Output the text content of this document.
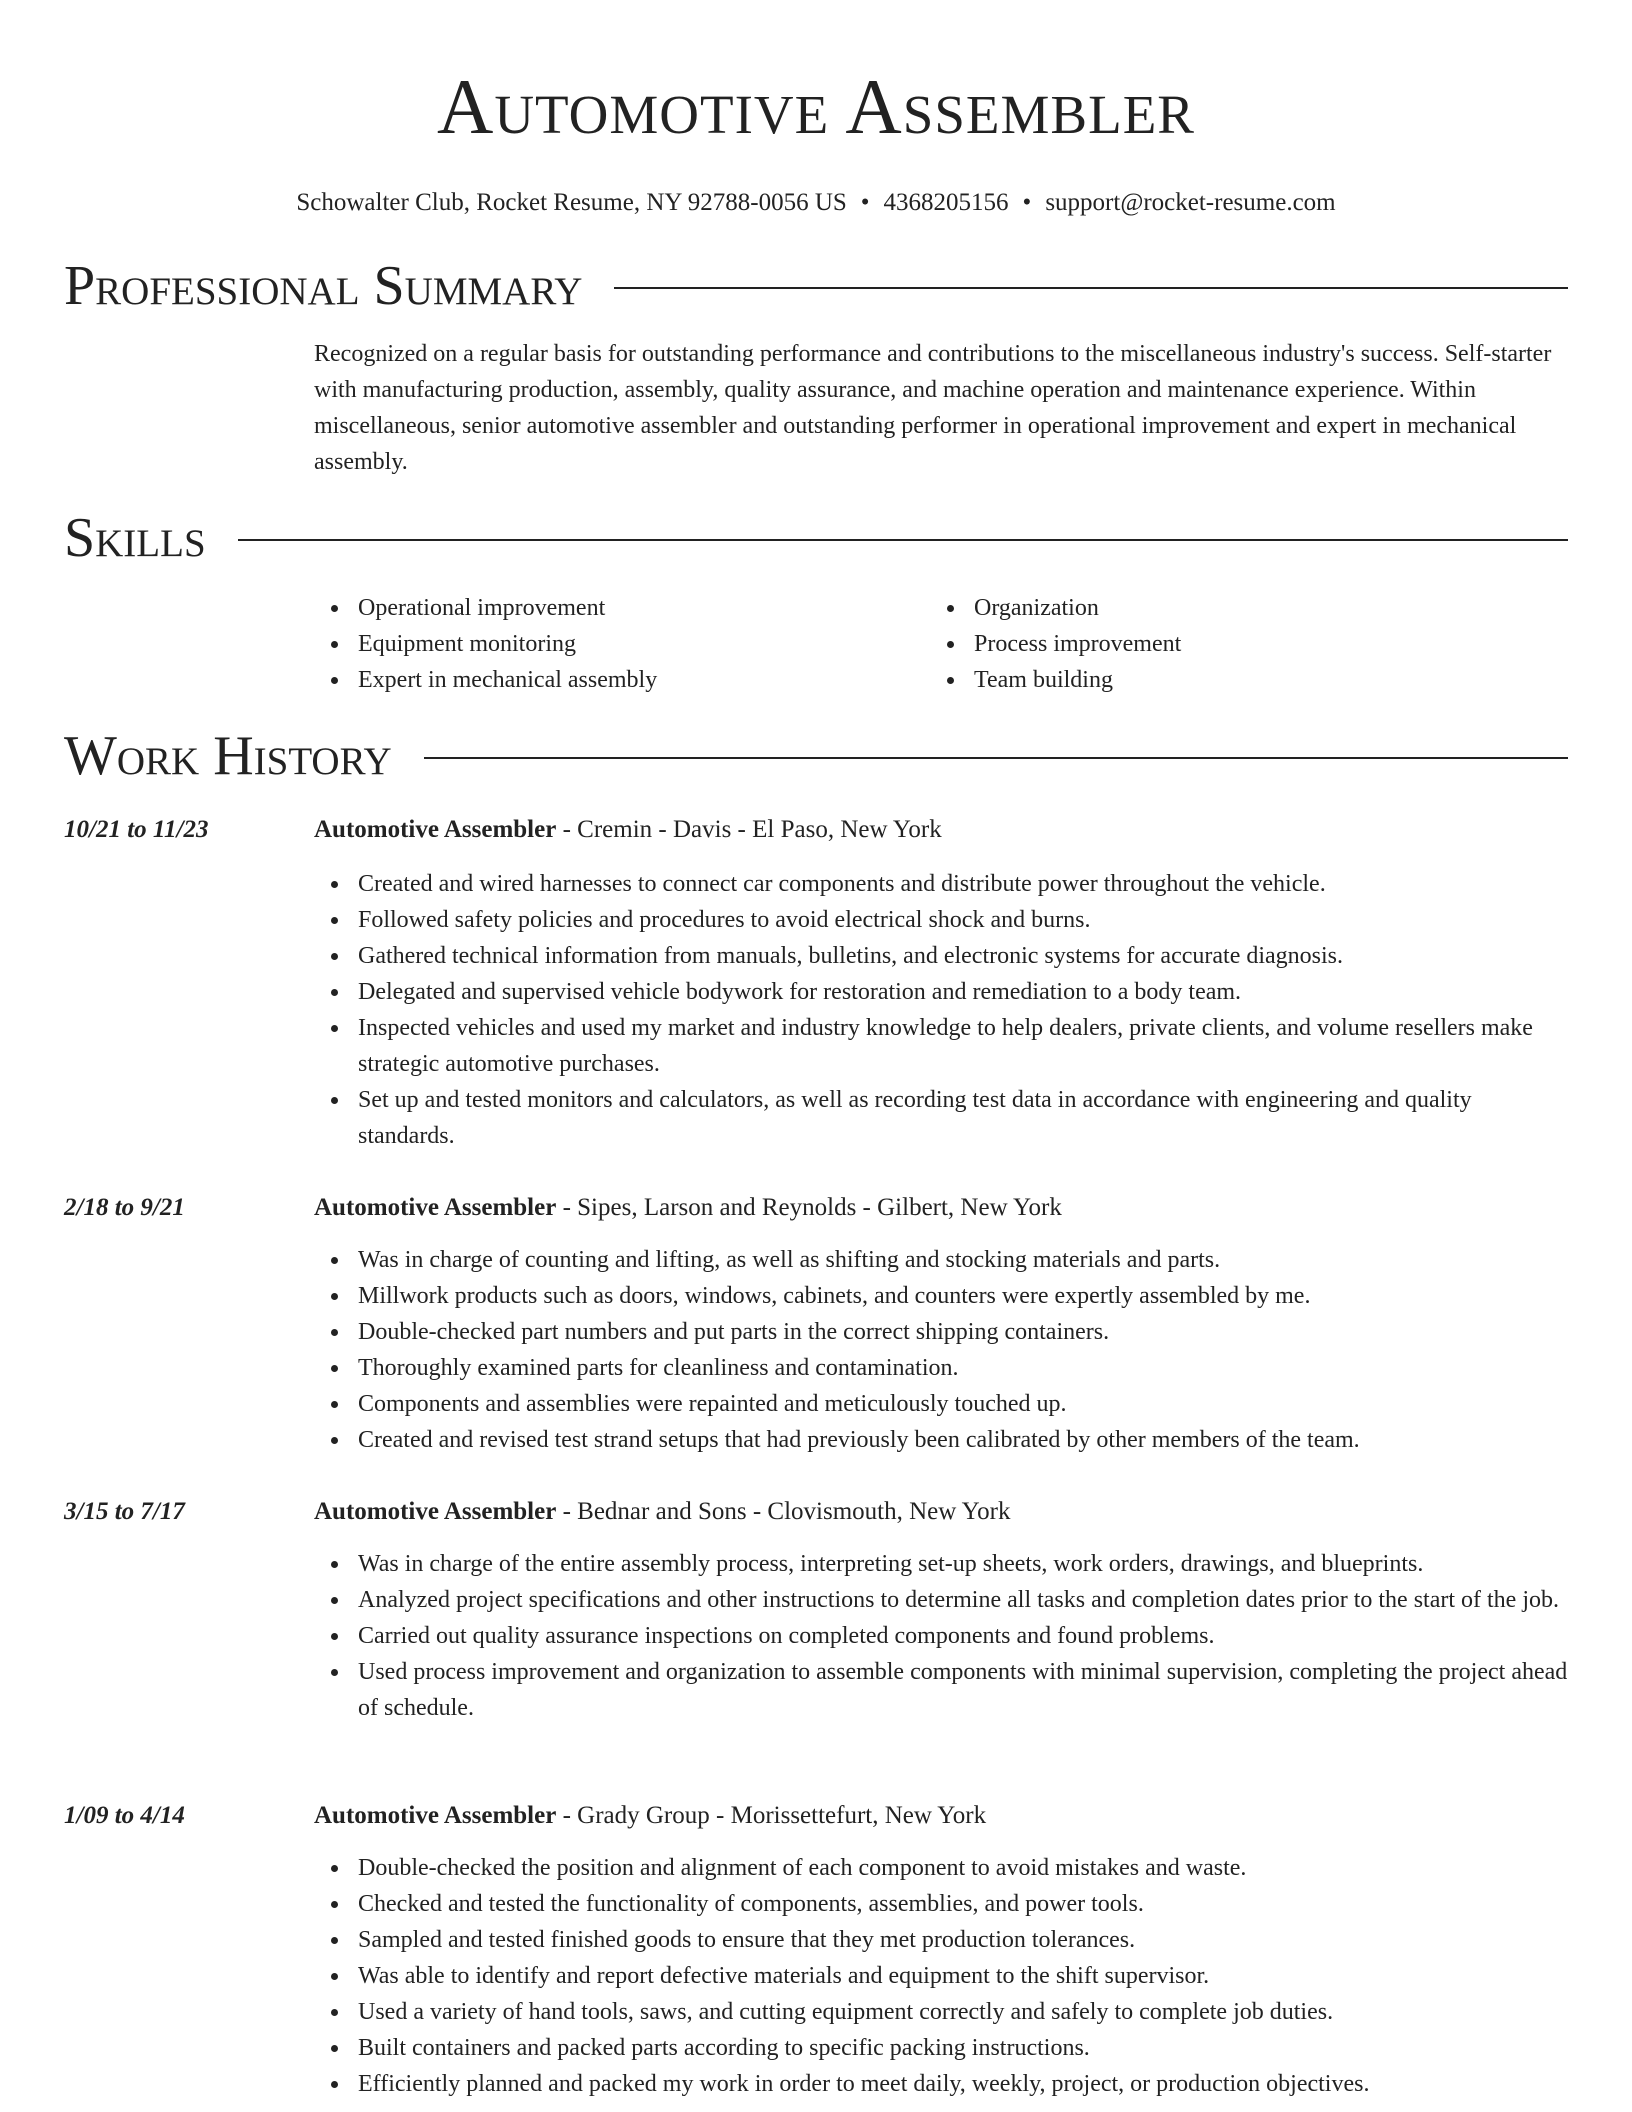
Automotive Assembler
Schowalter Club, Rocket Resume, NY 92788-0056 US • 4368205156 • support@rocket-resume.com
Professional Summary

Recognized on a regular basis for outstanding performance and contributions to the miscellaneous industry's success. Self-starter with manufacturing production, assembly, quality assurance, and machine operation and maintenance experience. Within miscellaneous, senior automotive assembler and outstanding performer in operational improvement and expert in mechanical assembly.

Skills
Operational improvement
Equipment monitoring
Expert in mechanical assembly
Organization
Process improvement
Team building
Work History
10/21 to 11/23	Automotive Assembler - Cremin - Davis - El Paso, New York
Created and wired harnesses to connect car components and distribute power throughout the vehicle.
Followed safety policies and procedures to avoid electrical shock and burns.
Gathered technical information from manuals, bulletins, and electronic systems for accurate diagnosis.
Delegated and supervised vehicle bodywork for restoration and remediation to a body team.
Inspected vehicles and used my market and industry knowledge to help dealers, private clients, and volume resellers make strategic automotive purchases.
Set up and tested monitors and calculators, as well as recording test data in accordance with engineering and quality standards.
2/18 to 9/21	Automotive Assembler - Sipes, Larson and Reynolds - Gilbert, New York
Was in charge of counting and lifting, as well as shifting and stocking materials and parts.
Millwork products such as doors, windows, cabinets, and counters were expertly assembled by me.
Double-checked part numbers and put parts in the correct shipping containers.
Thoroughly examined parts for cleanliness and contamination.
Components and assemblies were repainted and meticulously touched up.
Created and revised test strand setups that had previously been calibrated by other members of the team.
3/15 to 7/17	Automotive Assembler - Bednar and Sons - Clovismouth, New York
Was in charge of the entire assembly process, interpreting set-up sheets, work orders, drawings, and blueprints.
Analyzed project specifications and other instructions to determine all tasks and completion dates prior to the start of the job.
Carried out quality assurance inspections on completed components and found problems.
Used process improvement and organization to assemble components with minimal supervision, completing the project ahead of schedule.
1/09 to 4/14	Automotive Assembler - Grady Group - Morissettefurt, New York
Double-checked the position and alignment of each component to avoid mistakes and waste.
Checked and tested the functionality of components, assemblies, and power tools.
Sampled and tested finished goods to ensure that they met production tolerances.
Was able to identify and report defective materials and equipment to the shift supervisor.
Used a variety of hand tools, saws, and cutting equipment correctly and safely to complete job duties.
Built containers and packed parts according to specific packing instructions.
Efficiently planned and packed my work in order to meet daily, weekly, project, or production objectives.
